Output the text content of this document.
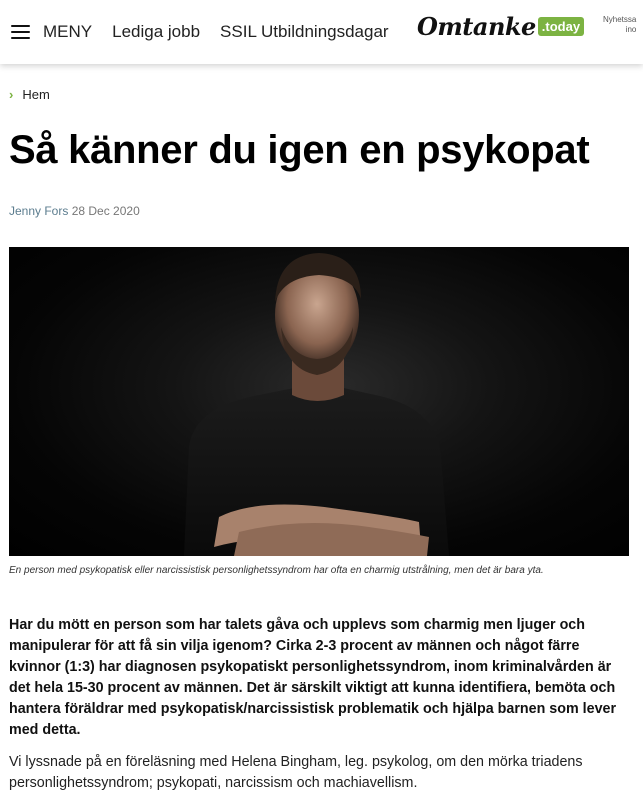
MENY Lediga jobb SSIL Utbildningsdagar Omtanke .today	Nyhetssa
ino
› Hem
Så känner du igen en psykopat
Jenny Fors 28 Dec 2020

En person med psykopatisk eller narcissistisk personlighetssyndrom har ofta en charmig utstrålning, men det är bara yta.

Har du mött en person som har talets gåva och upplevs som charmig men ljuger och manipulerar för att få sin vilja igenom? Cirka 2-3 procent av männen och något färre kvinnor (1:3) har diagnosen psykopatiskt personlighetssyndrom, inom kriminalvården är det hela 15-30 procent av männen. Det är särskilt viktigt att kunna identifiera, bemöta och hantera föräldrar med psykopatisk/narcissistisk problematik och hjälpa barnen som lever med detta.

Vi lyssnade på en föreläsning med Helena Bingham, leg. psykolog, om den mörka triadens personlighetssyndrom; psykopati, narcissism och machiavellism.
